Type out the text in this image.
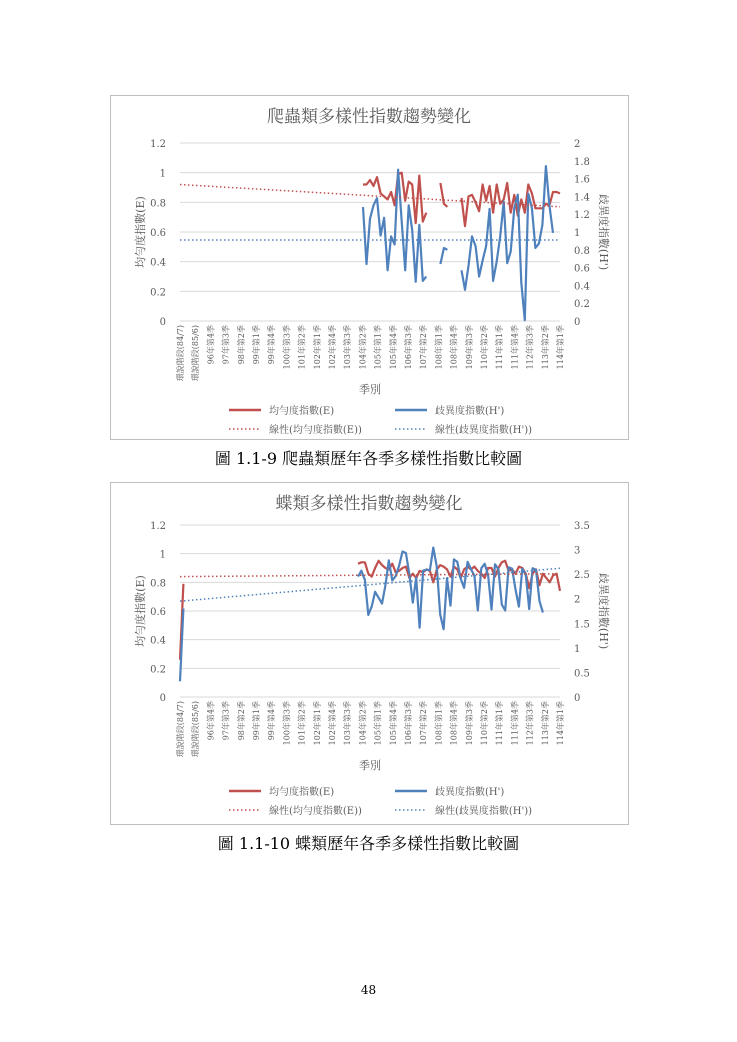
爬蟲類多樣性指數趨勢變化
0
0.2
0.4
0.6
0.8
1
1.2
0
0.2
0.4
0.6
0.8
1
1.2
1.4
1.6
1.8
2
均勻度指數(E)	歧異度指數(H')
環說階段(84/7) 環說階段(85/6) 96年第4季 97年第3季 98年第2季 99年第1季 99年第4季 100年第3季 101年第2季 102年第1季 102年第4季 103年第3季 104年第2季 105年第1季 105年第4季 106年第3季 107年第2季 108年第1季 108年第4季 109年第3季 110年第2季 111年第1季 111年第4季 112年第3季 113年第2季 114年第1季
季別
均勻度指數(E)	歧異度指數(H')
線性(均勻度指數(E))	線性(歧異度指數(H'))
圖 1.1-9 爬蟲類歷年各季多樣性指數比較圖
蝶類多樣性指數趨勢變化
0
0.2
0.4
0.6
0.8
1
1.2
0
0.5
1
1.5
2
2.5
3
3.5
均勻度指數(E)	歧異度指數(H')
環說階段(84/7) 環說階段(85/6) 96年第4季 97年第3季 98年第2季 99年第1季 99年第4季 100年第3季 101年第2季 102年第1季 102年第4季 103年第3季 104年第2季 105年第1季 105年第4季 106年第3季 107年第2季 108年第1季 108年第4季 109年第3季 110年第2季 111年第1季 111年第4季 112年第3季 113年第2季 114年第1季
季別
均勻度指數(E)	歧異度指數(H')
線性(均勻度指數(E))	線性(歧異度指數(H'))
圖 1.1-10 蝶類歷年各季多樣性指數比較圖
48
